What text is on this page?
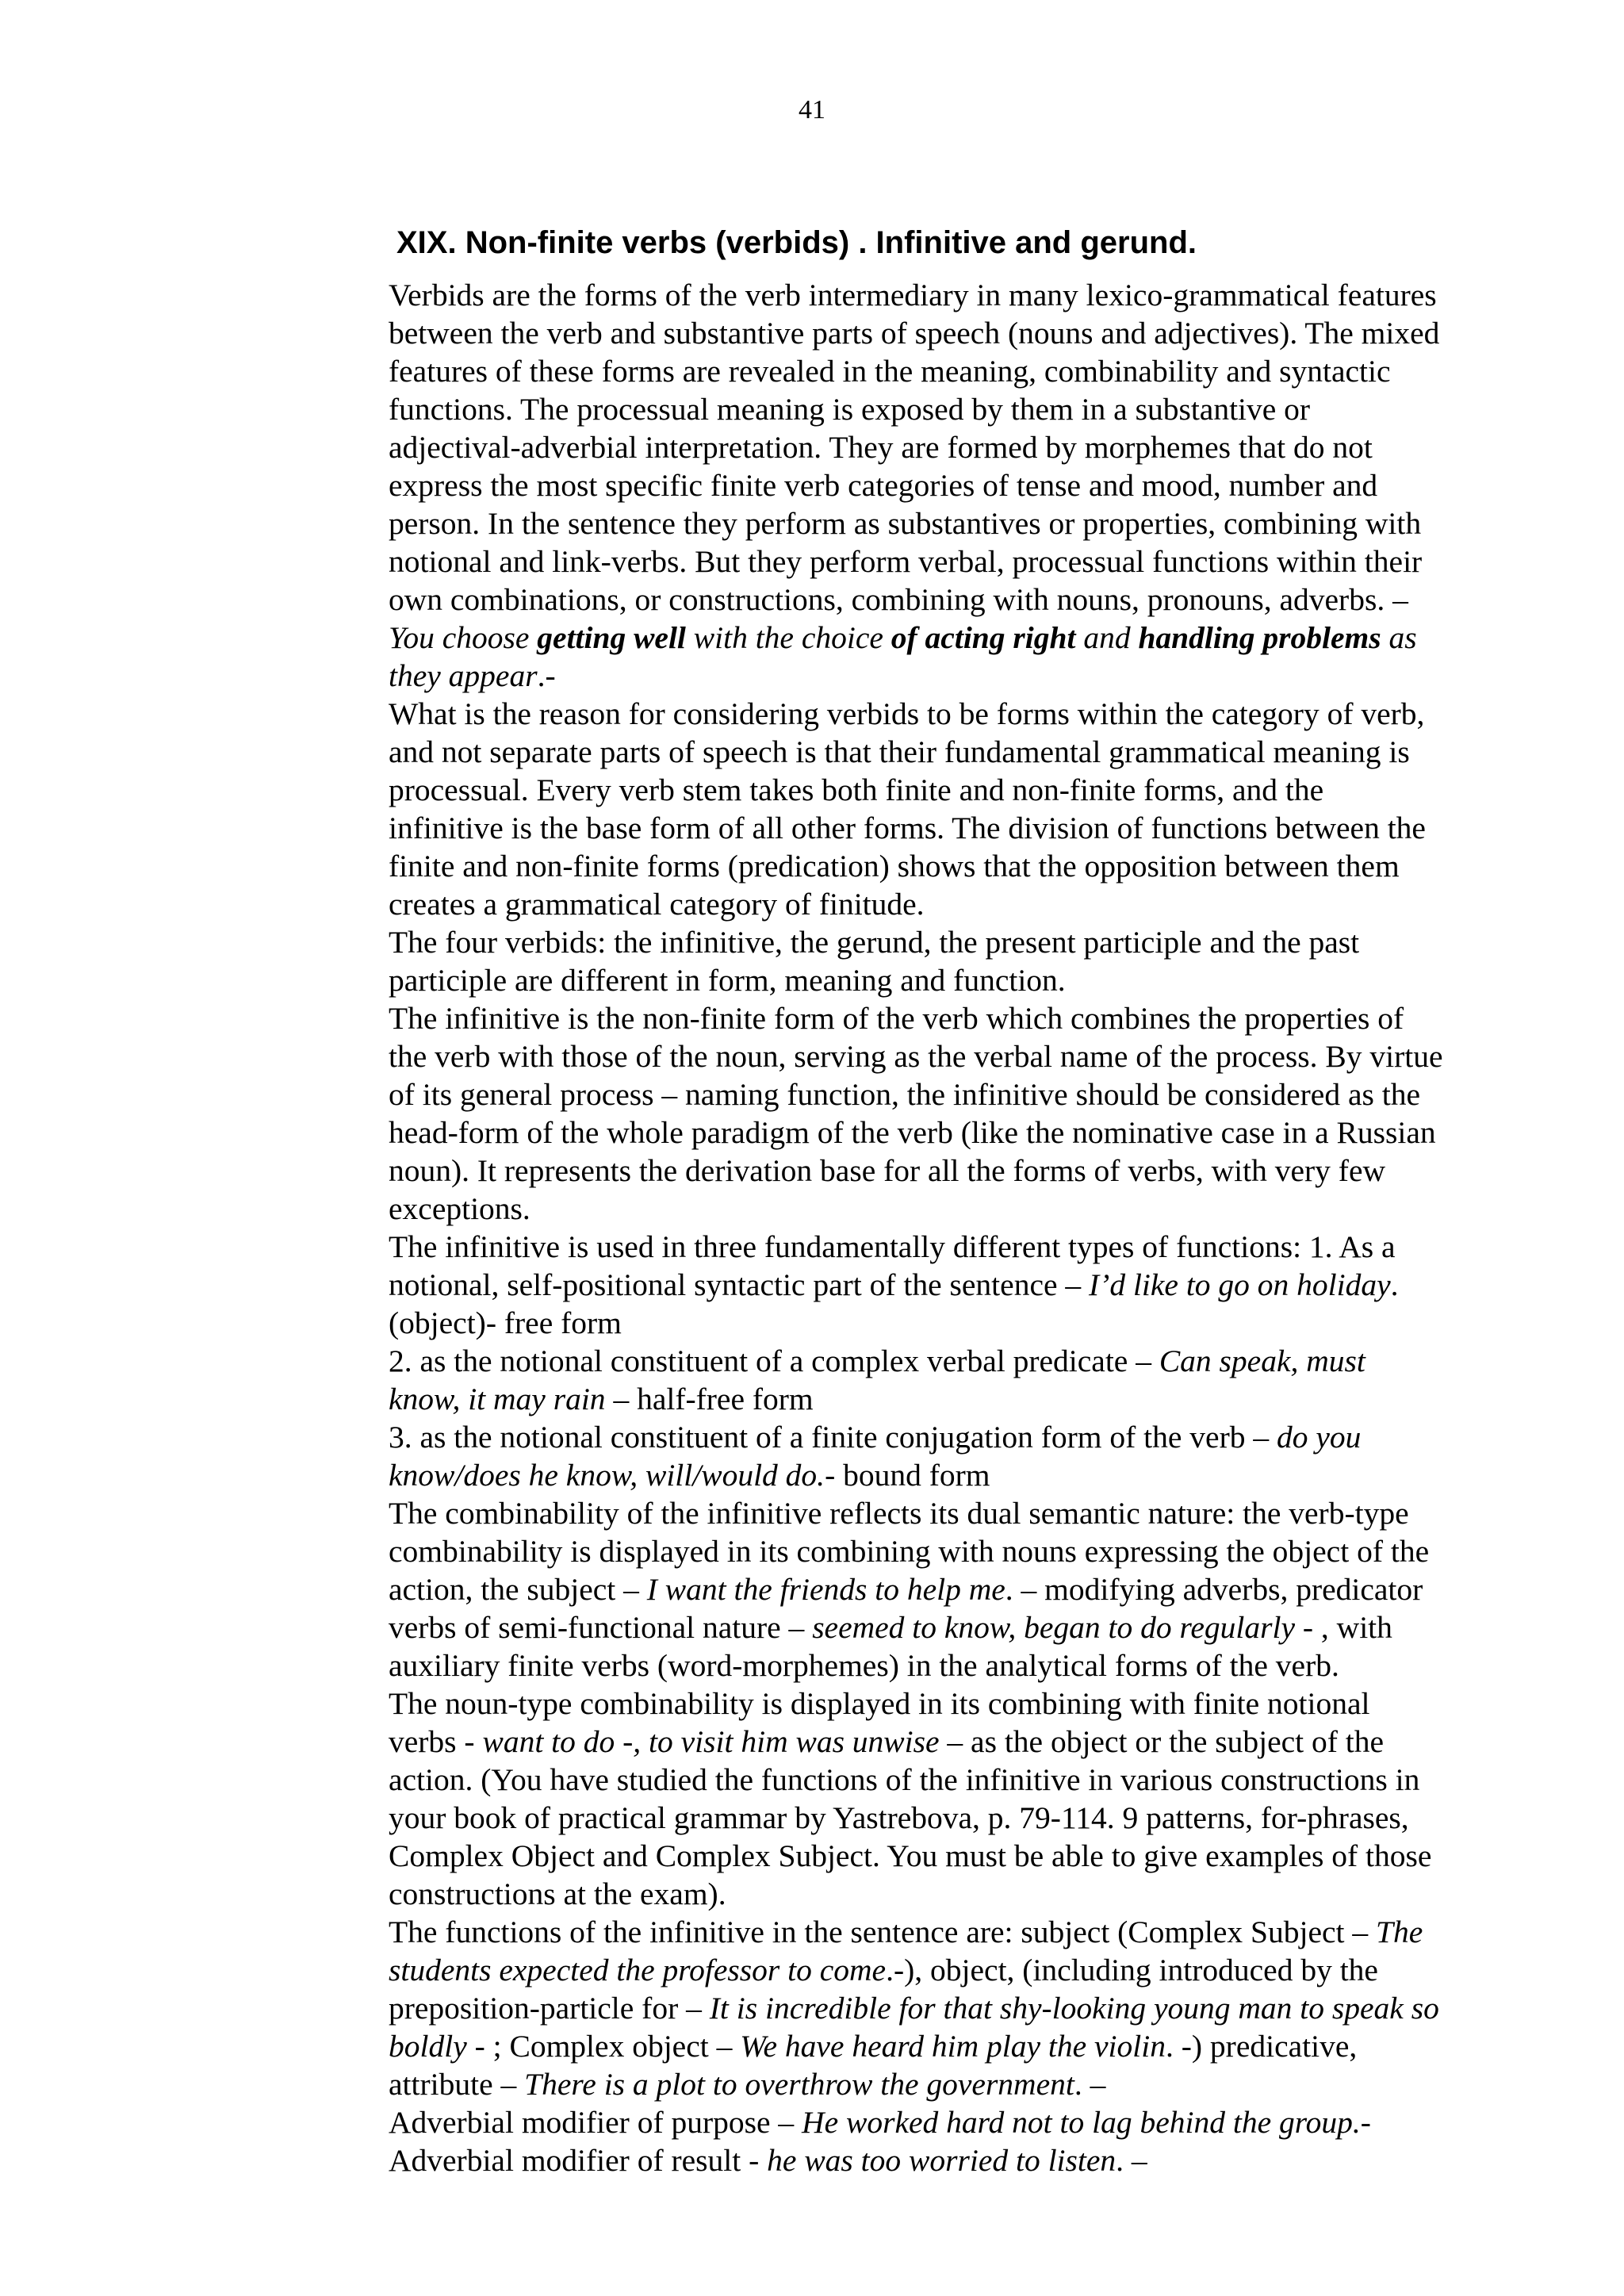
41
XIX. Non-finite verbs (verbids) . Infinitive and gerund.
Verbids are the forms of the verb intermediary in many lexico-grammatical features
between the verb and substantive parts of speech (nouns and adjectives). The mixed
features of these forms are revealed in the meaning, combinability and syntactic
functions. The processual meaning is exposed by them in a substantive or
adjectival-adverbial interpretation. They are formed by morphemes that do not
express the most specific finite verb categories of tense and mood, number and
person. In the sentence they perform as substantives or properties, combining with
notional and link-verbs. But they perform verbal, processual functions within their
own combinations, or constructions, combining with nouns, pronouns, adverbs. –
You choose getting well with the choice of acting right and handling problems as
they appear.-
What is the reason for considering verbids to be forms within the category of verb,
and not separate parts of speech is that their fundamental grammatical meaning is
processual. Every verb stem takes both finite and non-finite forms, and the
infinitive is the base form of all other forms. The division of functions between the
finite and non-finite forms (predication) shows that the opposition between them
creates a grammatical category of finitude.
The four verbids: the infinitive, the gerund, the present participle and the past
participle are different in form, meaning and function.
The infinitive is the non-finite form of the verb which combines the properties of
the verb with those of the noun, serving as the verbal name of the process. By virtue
of its general process – naming function, the infinitive should be considered as the
head-form of the whole paradigm of the verb (like the nominative case in a Russian
noun). It represents the derivation base for all the forms of verbs, with very few
exceptions.
The infinitive is used in three fundamentally different types of functions: 1. As a
notional, self-positional syntactic part of the sentence – I’d like to go on holiday.
(object)- free form
2. as the notional constituent of a complex verbal predicate – Can speak, must
know, it may rain – half-free form
3. as the notional constituent of a finite conjugation form of the verb – do you
know/does he know, will/would do.- bound form
The combinability of the infinitive reflects its dual semantic nature: the verb-type
combinability is displayed in its combining with nouns expressing the object of the
action, the subject – I want the friends to help me. – modifying adverbs, predicator
verbs of semi-functional nature – seemed to know, began to do regularly - , with
auxiliary finite verbs (word-morphemes) in the analytical forms of the verb.
The noun-type combinability is displayed in its combining with finite notional
verbs - want to do -, to visit him was unwise – as the object or the subject of the
action. (You have studied the functions of the infinitive in various constructions in
your book of practical grammar by Yastrebova, p. 79-114. 9 patterns, for-phrases,
Complex Object and Complex Subject. You must be able to give examples of those
constructions at the exam).
The functions of the infinitive in the sentence are: subject (Complex Subject – The
students expected the professor to come.-), object, (including introduced by the
preposition-particle for – It is incredible for that shy-looking young man to speak so
boldly - ; Complex object – We have heard him play the violin. -) predicative,
attribute – There is a plot to overthrow the government. –
Adverbial modifier of purpose – He worked hard not to lag behind the group.-
Adverbial modifier of result - he was too worried to listen. –
